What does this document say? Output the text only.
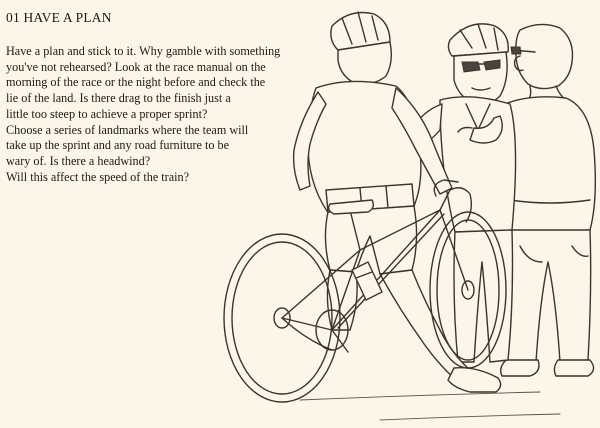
01 HAVE A PLAN
Have a plan and stick to it. Why gamble with something
you've not rehearsed? Look at the race manual on the
morning of the race or the night before and check the
lie of the land. Is there drag to the finish just a
little too steep to achieve a proper sprint?
Choose a series of landmarks where the team will
take up the sprint and any road furniture to be
wary of. Is there a headwind?
Will this affect the speed of the train?
